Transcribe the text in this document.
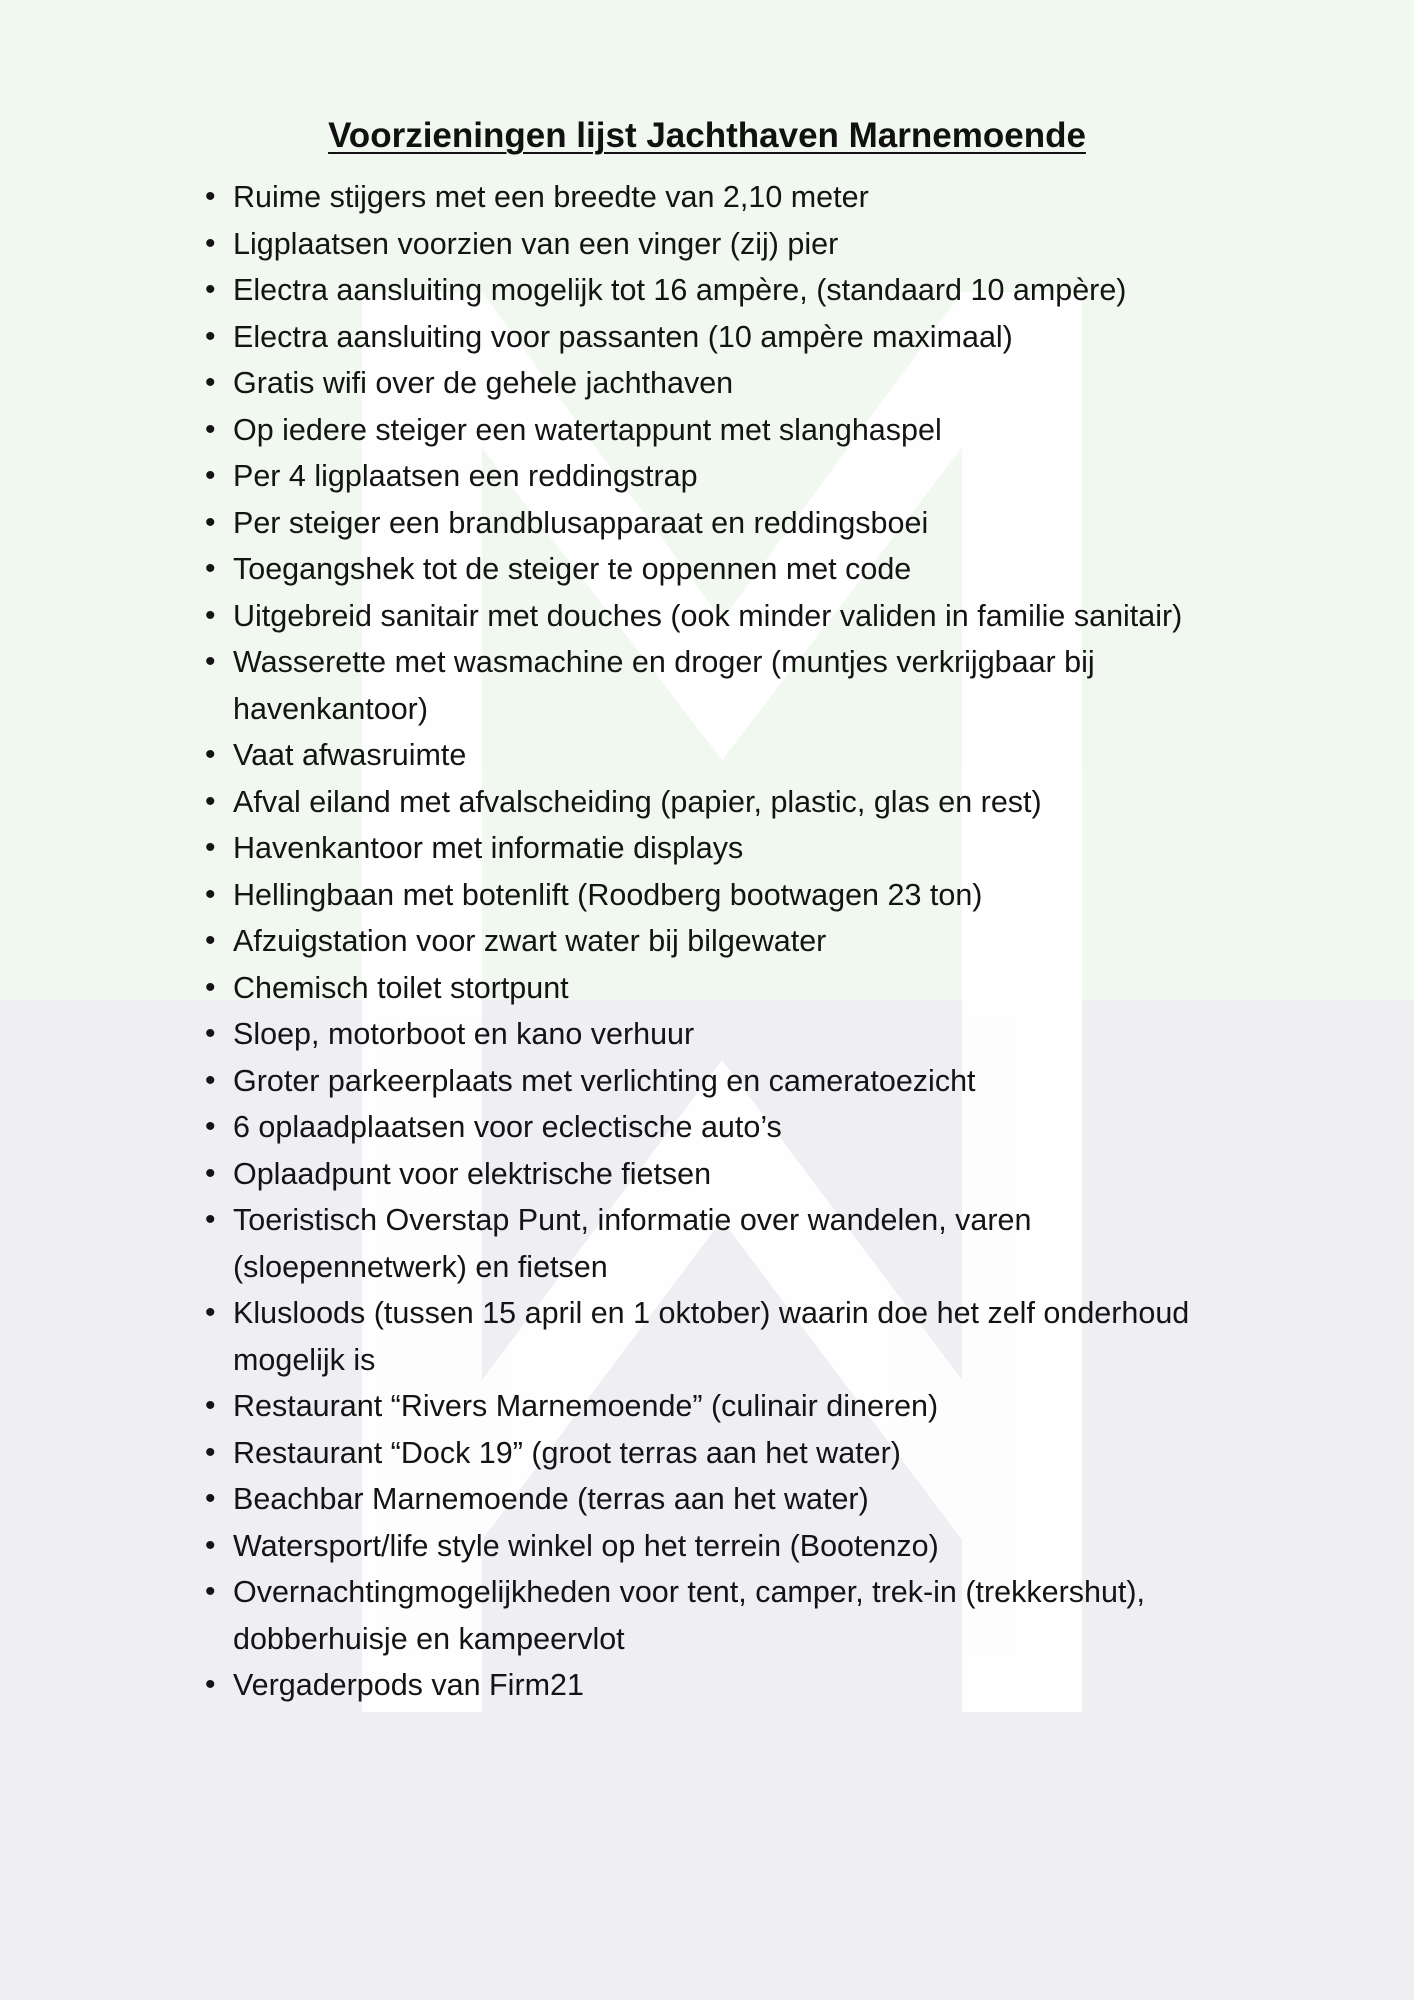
Voorzieningen lijst Jachthaven Marnemoende
• Ruime stijgers met een breedte van 2,10 meter
• Ligplaatsen voorzien van een vinger (zij) pier
• Electra aansluiting mogelijk tot 16 ampère, (standaard 10 ampère)
• Electra aansluiting voor passanten (10 ampère maximaal)
• Gratis wifi over de gehele jachthaven
• Op iedere steiger een watertappunt met slanghaspel
• Per 4 ligplaatsen een reddingstrap
• Per steiger een brandblusapparaat en reddingsboei
• Toegangshek tot de steiger te oppennen met code
• Uitgebreid sanitair met douches (ook minder validen in familie sanitair)
• Wasserette met wasmachine en droger (muntjes verkrijgbaar bij havenkantoor)
• Vaat afwasruimte
• Afval eiland met afvalscheiding (papier, plastic, glas en rest)
• Havenkantoor met informatie displays
• Hellingbaan met botenlift (Roodberg bootwagen 23 ton)
• Afzuigstation voor zwart water bij bilgewater
• Chemisch toilet stortpunt
• Sloep, motorboot en kano verhuur
• Groter parkeerplaats met verlichting en cameratoezicht
• 6 oplaadplaatsen voor eclectische auto’s
• Oplaadpunt voor elektrische fietsen
• Toeristisch Overstap Punt, informatie over wandelen, varen (sloepennetwerk) en fietsen
• Klusloods (tussen 15 april en 1 oktober) waarin doe het zelf onderhoud mogelijk is
• Restaurant “Rivers Marnemoende” (culinair dineren)
• Restaurant “Dock 19” (groot terras aan het water)
• Beachbar Marnemoende (terras aan het water)
• Watersport/life style winkel op het terrein (Bootenzo)
• Overnachtingmogelijkheden voor tent, camper, trek-in (trekkershut), dobberhuisje en kampeervlot
• Vergaderpods van Firm21
